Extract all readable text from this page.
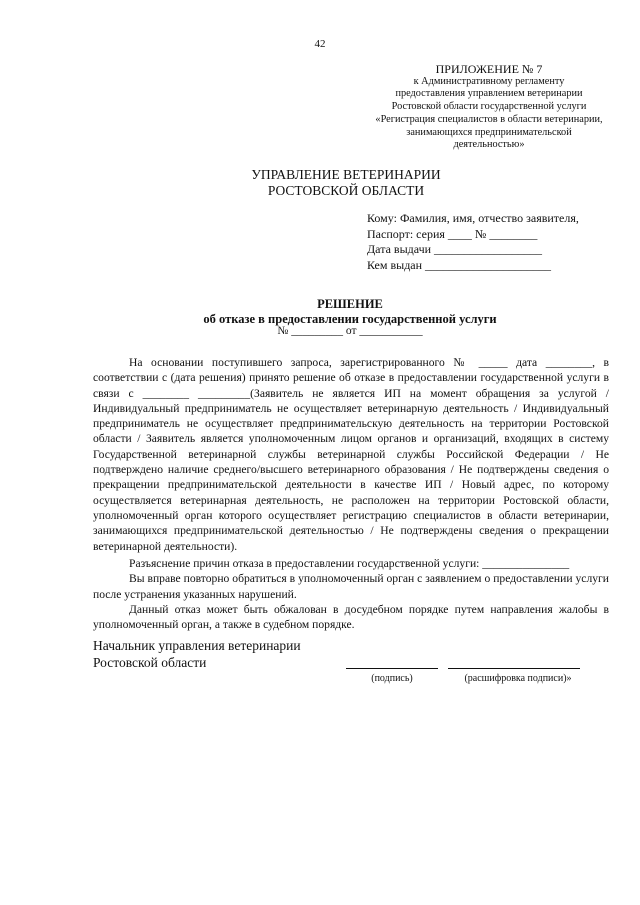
42
ПРИЛОЖЕНИЕ № 7
к Административному регламенту
предоставления управлением ветеринарии
Ростовской области государственной услуги
«Регистрация специалистов в области ветеринарии,
занимающихся предпринимательской
деятельностью»
УПРАВЛЕНИЕ ВЕТЕРИНАРИИ
РОСТОВСКОЙ ОБЛАСТИ
Кому: Фамилия, имя, отчество заявителя,
Паспорт: серия ____ № ________
Дата выдачи __________________
Кем выдан _____________________
РЕШЕНИЕ
об отказе в предоставлении государственной услуги
№ _________ от ___________

На основании поступившего запроса, зарегистрированного № _____ дата ________, в соответствии с (дата решения) принято решение об отказе в предоставлении государственной услуги в связи с ________ _________(Заявитель не является ИП на момент обращения за услугой / Индивидуальный предприниматель не осуществляет ветеринарную деятельность / Индивидуальный предприниматель не осуществляет предпринимательскую деятельность на территории Ростовской области / Заявитель является уполномоченным лицом органов и организаций, входящих в систему Государственной ветеринарной службы ветеринарной службы Российской Федерации / Не подтверждено наличие среднего/высшего ветеринарного образования / Не подтверждены сведения о прекращении предпринимательской деятельности в качестве ИП / Новый адрес, по которому осуществляется ветеринарная деятельность, не расположен на территории Ростовской области, уполномоченный орган которого осуществляет регистрацию специалистов в области ветеринарии, занимающихся предпринимательской деятельностью / Не подтверждены сведения о прекращении ветеринарной деятельности).

Разъяснение причин отказа в предоставлении государственной услуги: _______________

Вы вправе повторно обратиться в уполномоченный орган с заявлением о предоставлении услуги после устранения указанных нарушений.

Данный отказ может быть обжалован в досудебном порядке путем направления жалобы в уполномоченный орган, а также в судебном порядке.

Начальник управления ветеринарии
Ростовской области
(подпись)	(расшифровка подписи)»
